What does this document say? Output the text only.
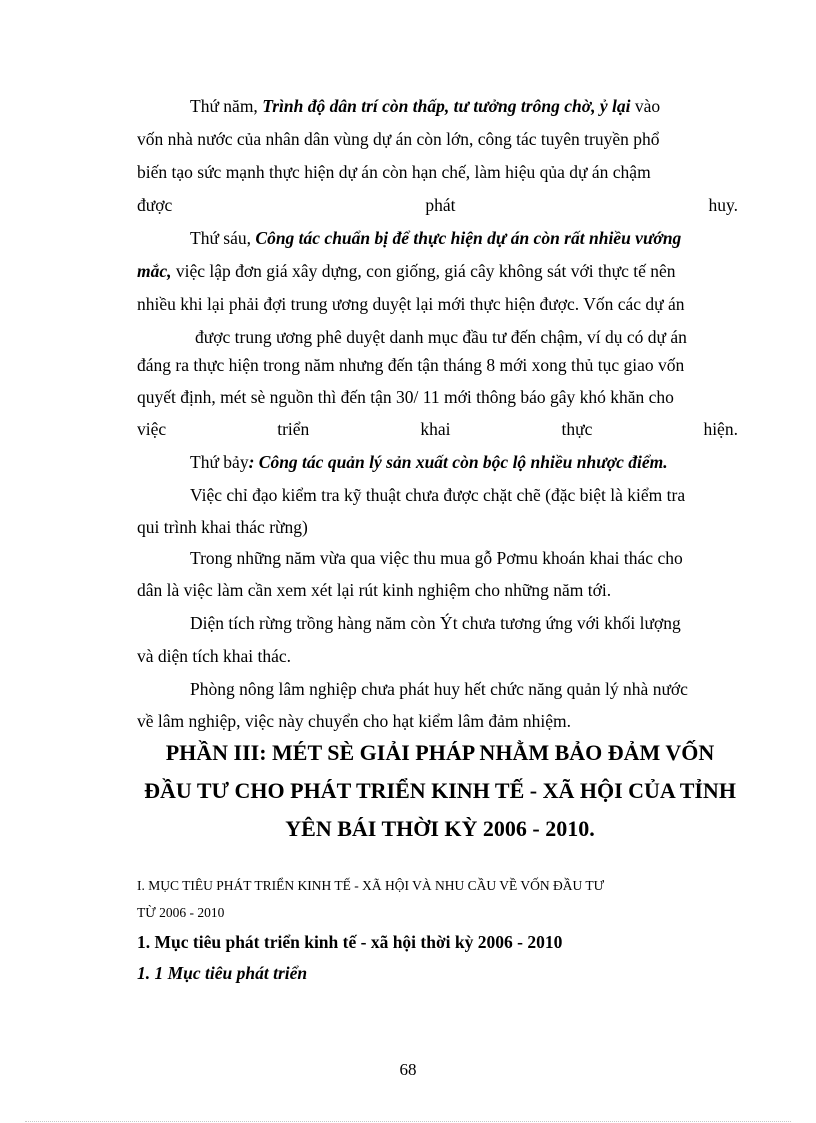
Thứ năm, Trình độ dân trí còn thấp, tư tưởng trông chờ, ỷ lại vào
vốn nhà nước của nhân dân vùng dự án còn lớn, công tác tuyên truyền phổ
biến tạo sức mạnh thực hiện dự án còn hạn chế, làm hiệu qủa dự án chậm
được	phát	huy.
Thứ sáu, Công tác chuẩn bị để thực hiện dự án còn rất nhiều vướng
mắc, việc lập đơn giá xây dựng, con giống, giá cây không sát với thực tế nên
nhiều khi lại phải đợi trung ương duyệt lại mới thực hiện được. Vốn các dự án
được trung ương phê duyệt danh mục đầu tư đến chậm, ví dụ có dự án
đáng ra thực hiện trong năm nhưng đến tận tháng 8 mới xong thủ tục giao vốn
quyết định, mét sè nguồn thì đến tận 30/ 11 mới thông báo gây khó khăn cho
việc	triển	khai	thực	hiện.
Thứ bảy: Công tác quản lý sản xuất còn bộc lộ nhiều nhược điểm.
Việc chỉ đạo kiểm tra kỹ thuật chưa được chặt chẽ (đặc biệt là kiểm tra
qui trình khai thác rừng)
Trong những năm vừa qua việc thu mua gỗ Pơmu khoán khai thác cho
dân là việc làm cần xem xét lại rút kinh nghiệm cho những năm tới.
Diện tích rừng trồng hàng năm còn Ýt chưa tương ứng với khối lượng
và diện tích khai thác.
Phòng nông lâm nghiệp chưa phát huy hết chức năng quản lý nhà nước
về lâm nghiệp, việc này chuyển cho hạt kiểm lâm đảm nhiệm.
PHẦN III: MÉT SÈ GIẢI PHÁP NHẰM BẢO ĐẢM VỐN
ĐẦU TƯ CHO PHÁT TRIỂN KINH TẾ - XÃ HỘI CỦA TỈNH
YÊN BÁI THỜI KỲ 2006 - 2010.
I. MỤC TIÊU PHÁT TRIỂN KINH TẾ - XÃ HỘI VÀ NHU CẦU VỀ VỐN ĐẦU TƯ
TỪ 2006 - 2010
1. Mục tiêu phát triển kinh tế - xã hội thời kỳ 2006 - 2010
1. 1 Mục tiêu phát triển
68
